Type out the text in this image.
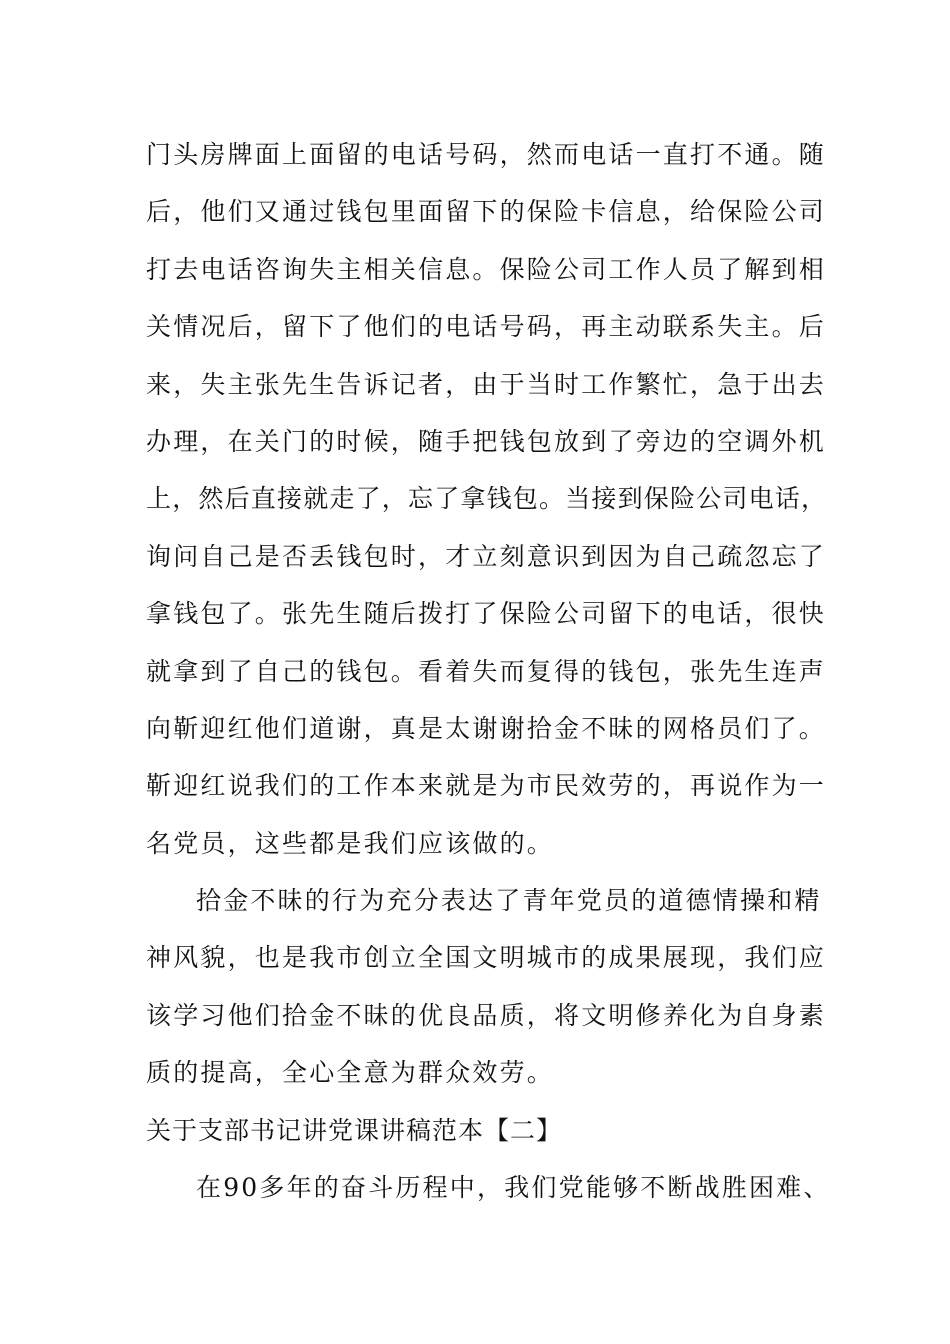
门头房牌面上面留的电话号码，然而电话一直打不通。随
后，他们又通过钱包里面留下的保险卡信息，给保险公司
打去电话咨询失主相关信息。保险公司工作人员了解到相
关情况后，留下了他们的电话号码，再主动联系失主。后
来，失主张先生告诉记者，由于当时工作繁忙，急于出去
办理，在关门的时候，随手把钱包放到了旁边的空调外机
上，然后直接就走了，忘了拿钱包。当接到保险公司电话，
询问自己是否丢钱包时，才立刻意识到因为自己疏忽忘了
拿钱包了。张先生随后拨打了保险公司留下的电话，很快
就拿到了自己的钱包。看着失而复得的钱包，张先生连声
向靳迎红他们道谢，真是太谢谢拾金不昧的网格员们了。
靳迎红说我们的工作本来就是为市民效劳的，再说作为一
名党员，这些都是我们应该做的。
拾金不昧的行为充分表达了青年党员的道德情操和精
神风貌，也是我市创立全国文明城市的成果展现，我们应
该学习他们拾金不昧的优良品质，将文明修养化为自身素
质的提高，全心全意为群众效劳。
关于支部书记讲党课讲稿范本【二】
在90多年的奋斗历程中，我们党能够不断战胜困难、
